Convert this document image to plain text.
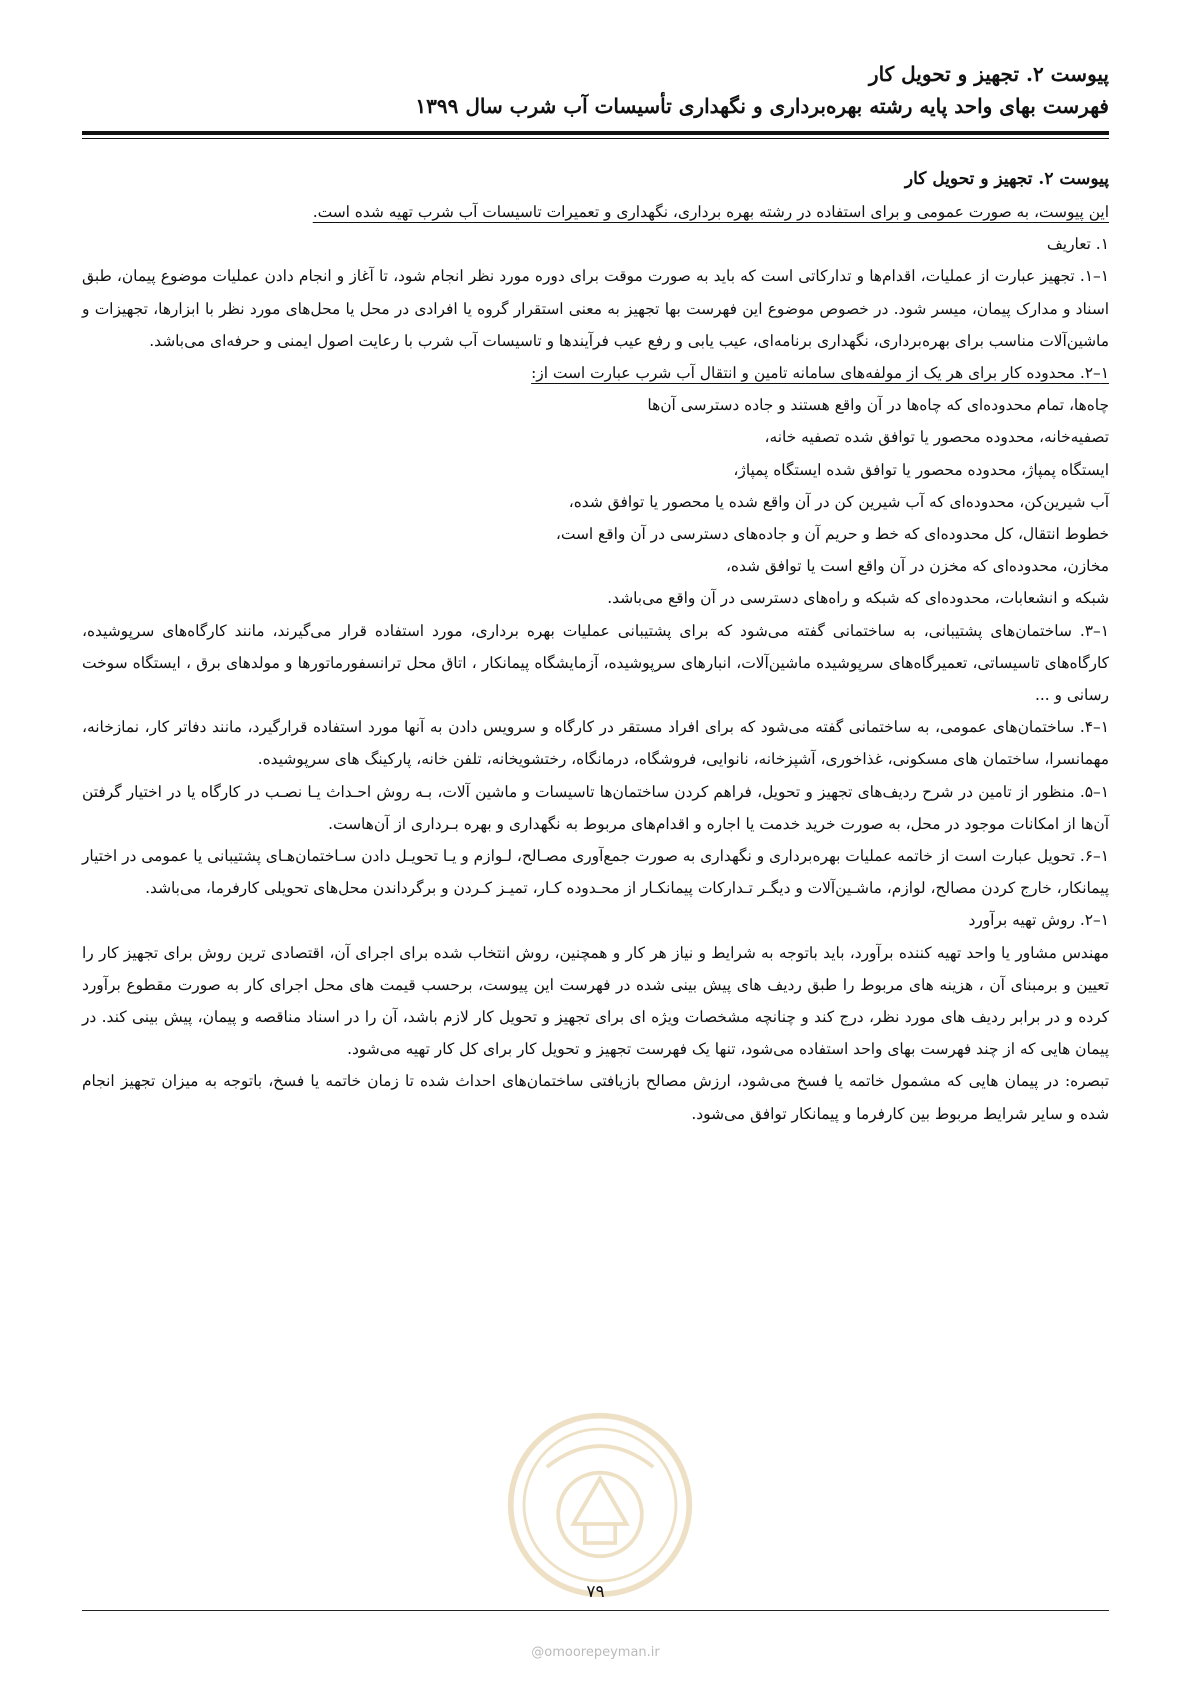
پیوست ۲. تجهیز و تحویل کار
فهرست بهای واحد پایه رشته بهره‌برداری و نگهداری تأسیسات آب شرب سال ۱۳۹۹

پیوست ۲. تجهیز و تحویل کار

این پیوست، به صورت عمومی و برای استفاده در رشته بهره برداری، نگهداری و تعمیرات تاسیسات آب شرب تهیه شده است.

۱. تعاریف

۱–۱. تجهیز عبارت از عملیات، اقدام‌ها و تدارکاتی است که باید به صورت موقت برای دوره مورد نظر انجام شود، تا آغاز و انجام دادن عملیات موضوع پیمان، طبق اسناد و مدارک پیمان، میسر شود. در خصوص موضوع این فهرست بها تجهیز به معنی استقرار گروه یا افرادی در محل یا محل‌های مورد نظر با ابزارها، تجهیزات و ماشین‌آلات مناسب برای بهره‌برداری، نگهداری برنامه‌ای، عیب یابی و رفع عیب فرآیندها و تاسیسات آب شرب با رعایت اصول ایمنی و حرفه‌ای می‌باشد.

۱–۲. محدوده کار برای هر یک از مولفه‌های سامانه تامین و انتقال آب شرب عبارت است از:

چاه‌ها، تمام محدوده‌ای که چاه‌ها در آن واقع هستند و جاده دسترسی آن‌ها

تصفیه‌خانه، محدوده محصور یا توافق شده تصفیه خانه،

ایستگاه پمپاژ، محدوده محصور یا توافق شده ایستگاه پمپاژ،

آب شیرین‌کن، محدوده‌ای که آب شیرین کن در آن واقع شده یا محصور یا توافق شده،

خطوط انتقال، کل محدوده‌ای که خط و حریم آن و جاده‌های دسترسی در آن واقع است،

مخازن، محدوده‌ای که مخزن در آن واقع است یا توافق شده،

شبکه و انشعابات، محدوده‌ای که شبکه و راه‌های دسترسی در آن واقع می‌باشد.

۱–۳. ساختمان‌های پشتیبانی، به ساختمانی گفته می‌شود که برای پشتیبانی عملیات بهره برداری، مورد استفاده قرار می‌گیرند، مانند کارگاه‌های سرپوشیده، کارگاه‌های تاسیساتی، تعمیرگاه‌های سرپوشیده ماشین‌آلات، انبارهای سرپوشیده، آزمایشگاه پیمانکار ، اتاق محل ترانسفورماتورها و مولدهای برق ، ایستگاه سوخت رسانی و ...

۱–۴. ساختمان‌های عمومی، به ساختمانی گفته می‌شود که برای افراد مستقر در کارگاه و سرویس دادن به آنها مورد استفاده قرارگیرد، مانند دفاتر کار، نمازخانه، مهمانسرا، ساختمان های مسکونی، غذاخوری، آشپزخانه، نانوایی، فروشگاه، درمانگاه، رختشویخانه، تلفن خانه، پارکینگ های سرپوشیده.

۱–۵. منظور از تامین در شرح ردیف‌های تجهیز و تحویل، فراهم کردن ساختمان‌ها تاسیسات و ماشین آلات، بـه روش احـداث یـا نصـب در کارگاه یا در اختیار گرفتن آن‌ها از امکانات موجود در محل، به صورت خرید خدمت یا اجاره و اقدام‌های مربوط به نگهداری و بهره بـرداری از آن‌هاست.

۱–۶. تحویل عبارت است از خاتمه عملیات بهره‌برداری و نگهداری به صورت جمع‌آوری مصـالح، لـوازم و یـا تحویـل دادن سـاختمان‌هـای پشتیبانی یا عمومی در اختیار پیمانکار، خارج کردن مصالح، لوازم، ماشـین‌آلات و دیگـر تـدارکات پیمانکـار از محـدوده کـار، تمیـز کـردن و برگرداندن محل‌های تحویلی کارفرما، می‌باشد.

۱–۲. روش تهیه برآورد

مهندس مشاور یا واحد تهیه کننده برآورد، باید باتوجه به شرایط و نیاز هر کار و همچنین، روش انتخاب شده برای اجرای آن، اقتصادی ترین روش برای تجهیز کار را تعیین و برمبنای آن ، هزینه های مربوط را طبق ردیف های پیش بینی شده در فهرست این پیوست، برحسب قیمت های محل اجرای کار به صورت مقطوع برآورد کرده و در برابر ردیف های مورد نظر، درج کند و چنانچه مشخصات ویژه ای برای تجهیز و تحویل کار لازم باشد، آن را در اسناد مناقصه و پیمان، پیش بینی کند. در پیمان هایی که از چند فهرست بهای واحد استفاده می‌شود، تنها یک فهرست تجهیز و تحویل کار برای کل کار تهیه می‌شود.

تبصره: در پیمان هایی که مشمول خاتمه یا فسخ می‌شود، ارزش مصالح بازیافتی ساختمان‌های احداث شده تا زمان خاتمه یا فسخ، باتوجه به میزان تجهیز انجام شده و سایر شرایط مربوط بین کارفرما و پیمانکار توافق می‌شود.

۷۹
@omoorepeyman.ir
